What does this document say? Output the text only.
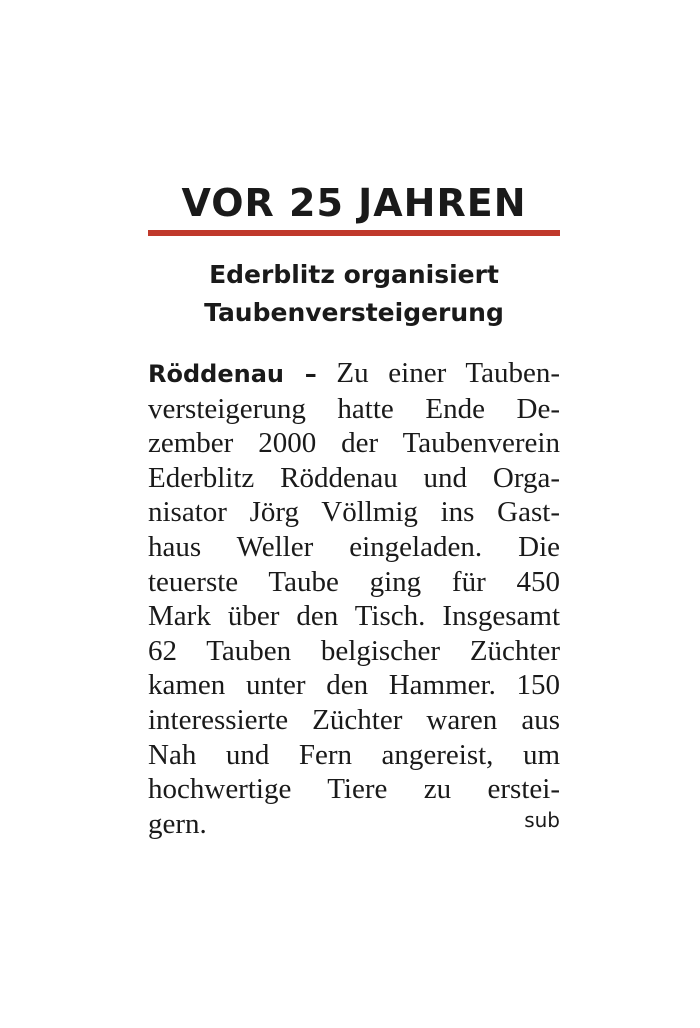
VOR 25 JAHREN
Ederblitz organisiert
Taubenversteigerung
Röddenau – Zu einer Tauben-
versteigerung hatte Ende De-
zember 2000 der Taubenverein
Ederblitz Röddenau und Orga-
nisator Jörg Völlmig ins Gast-
haus Weller eingeladen. Die
teuerste Taube ging für 450
Mark über den Tisch. Insgesamt
62 Tauben belgischer Züchter
kamen unter den Hammer. 150
interessierte Züchter waren aus
Nah und Fern angereist, um
hochwertige Tiere zu erstei-
gern.	sub
